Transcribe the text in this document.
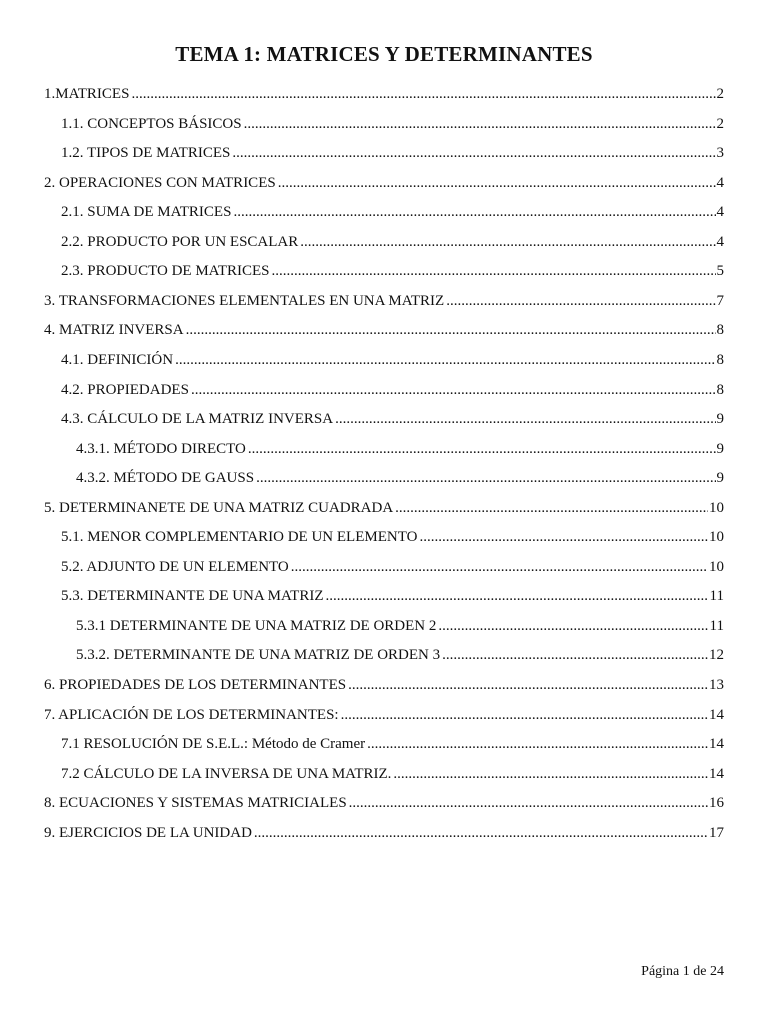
TEMA 1: MATRICES Y DETERMINANTES
1.MATRICES .....	2
1.1. CONCEPTOS BÁSICOS .....	2
1.2. TIPOS DE MATRICES .....	3
2. OPERACIONES CON MATRICES .....	4
2.1. SUMA DE MATRICES .....	4
2.2. PRODUCTO POR UN ESCALAR .....	4
2.3. PRODUCTO DE MATRICES .....	5
3. TRANSFORMACIONES ELEMENTALES EN UNA MATRIZ .....	7
4. MATRIZ INVERSA .....	8
4.1. DEFINICIÓN .....	8
4.2. PROPIEDADES .....	8
4.3. CÁLCULO DE LA MATRIZ INVERSA .....	9
4.3.1. MÉTODO DIRECTO .....	9
4.3.2. MÉTODO DE GAUSS .....	9
5. DETERMINANETE DE UNA MATRIZ CUADRADA .....	10
5.1. MENOR COMPLEMENTARIO DE UN ELEMENTO .....	10
5.2. ADJUNTO DE UN ELEMENTO .....	10
5.3. DETERMINANTE DE UNA MATRIZ .....	11
5.3.1 DETERMINANTE DE UNA MATRIZ DE ORDEN 2 .....	11
5.3.2. DETERMINANTE DE UNA MATRIZ DE ORDEN 3 .....	12
6. PROPIEDADES DE LOS DETERMINANTES .....	13
7. APLICACIÓN DE LOS DETERMINANTES: .....	14
7.1 RESOLUCIÓN DE S.E.L.: Método de Cramer .....	14
7.2 CÁLCULO DE LA INVERSA DE UNA MATRIZ. .....	14
8. ECUACIONES Y SISTEMAS MATRICIALES .....	16
9. EJERCICIOS DE LA UNIDAD .....	17
Página 1 de 24
